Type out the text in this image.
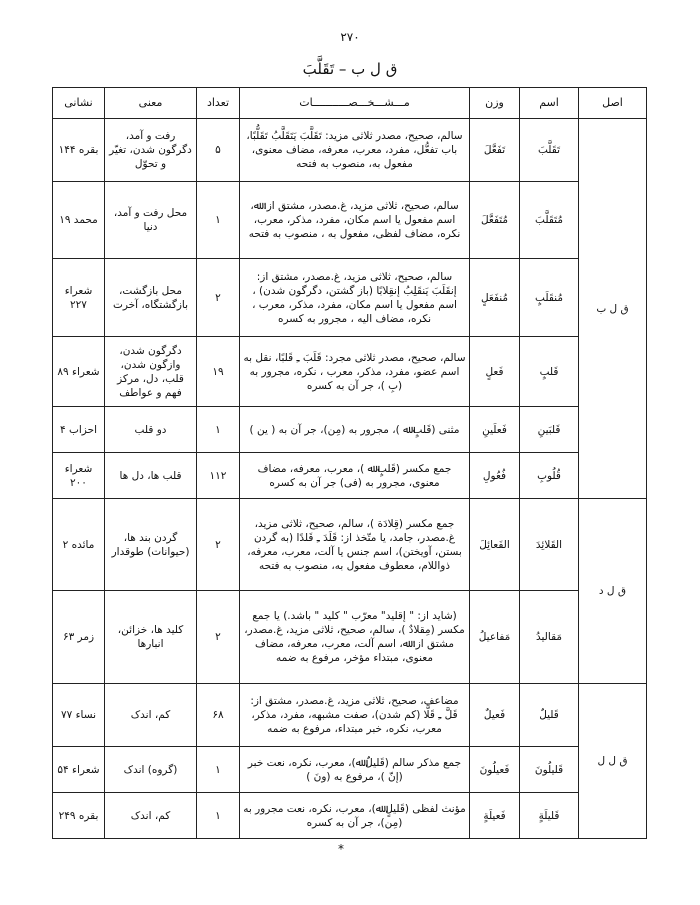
۲۷۰
ق ل ب – تَقَلَّبَ
اصل	اسم	وزن	مـــشـــخـــصـــــــــــات	تعداد	معنی	نشانی
ق ل ب	تَقَلَّبَ	تَفَعَّلَ	سالم، صحیح، مصدر ثلاثی مزید: تَقَلَّبَ یَتَقَلَّبُ تَقَلُّبًا، باب تفعُّل، مفرد، معرب، معرفه، مضاف معنوی، مفعول به، منصوب به فتحه	۵	رفت و آمد، دگرگون شدن، تغیّر و تحوّل	بقره ۱۴۴
	مُتَقَلَّبَ	مُتَفَعَّلَ	سالم، صحیح، ثلاثی مزید، غ.مصدر، مشتق از: ﷲ، اسم مفعول یا اسم مکان، مفرد، مذکر، معرب، نکره، مضاف لفظی، مفعول به ، منصوب به فتحه	۱	محل رفت و آمد، دنیا	محمد ۱۹
	مُنقَلَبٍ	مُنفَعَلٍ	سالم، صحیح، ثلاثی مزید، غ.مصدر، مشتق از: إنقَلَبَ یَنقَلِبُ إنقِلابًا (باز گشتن، دگرگون شدن) ، اسم مفعول یا اسم مکان، مفرد، مذکر، معرب ، نکره، مضاف الیه ، مجرور به کسره	۲	محل بازگشت، بازگشتگاه، آخرت	شعراء ۲۲۷
	قَلبٍ	فَعلٍ	سالم، صحیح، مصدر ثلاثی مجرد: قَلَبَ ـِ قَلبًا، نقل به اسم عضو، مفرد، مذکر، معرب ، نکره، مجرور به (بِ )، جر آن به کسره	۱۹	دگرگون شدن، وازگون شدن، قلب، دل، مرکز فهم و عواطف	شعراء ۸۹
	قَلبَینِ	فَعلَینِ	مثنی (قَلبٍ ﷲ )، مجرور به (مِن)، جر آن به ( ین )	۱	دو قلب	احزاب ۴
	قُلُوبِ	فُعُولِ	جمع مکسر (قَلبٍ ﷲ )، معرب، معرفه، مضاف معنوی، مجرور به (فی) جر آن به کسره	۱۱۲	قلب ها، دل ها	شعراء ۲۰۰
ق ل د	القَلائِدَ	الفَعائِلَ	جمع مکسر (قِلادَة )، سالم، صحیح، ثلاثی مزید، غ.مصدر، جامد، یا متّخذ از: قَلَدَ ـِ قَلدًا (به گردن بستن، آویختن)، اسم جنس یا آلت، معرب، معرفه، ذواللام، معطوف مفعول به، منصوب به فتحه	۲	گردن بند ها، (حیوانات) طوقدار	مائده ۲
	مَقالیدُ	مَفاعیلُ	(شاید از: " إقلید" معرّب " کلید " باشد.) یا جمع مکسر (مِقلادٌ )، سالم، صحیح، ثلاثی مزید، غ.مصدر، مشتق از: ﷲ، اسم آلت، معرب، معرفه، مضاف معنوی، مبتداء مؤخر، مرفوع به ضمه	۲	کلید ها، خزائن، انبارها	زمر ۶۳
ق ل ل	قَلیلٌ	فَعیلٌ	مضاعف، صحیح، ثلاثی مزید، غ.مصدر، مشتق از: قَلَّ ـِ قَلًّا (کم شدن)، صفت مشبهه، مفرد، مذکر، معرب، نکره، خبر مبتداء، مرفوع به ضمه	۶۸	کم، اندک	نساء ۷۷
	قَلیلُونَ	فَعیلُونَ	جمع مذکر سالم (قَلیلٌ ﷲ)، معرب، نکره، نعت خبر (إنّ )، مرفوع به (ونَ )	۱	(گروه) اندک	شعراء ۵۴
	قَلیلَةٍ	فَعیلَةٍ	مؤنث لفظی (قَلیلٍ ﷲ)، معرب، نکره، نعت مجرور به (مِن)، جر آن به کسره	۱	کم، اندک	بقره ۲۴۹
*
